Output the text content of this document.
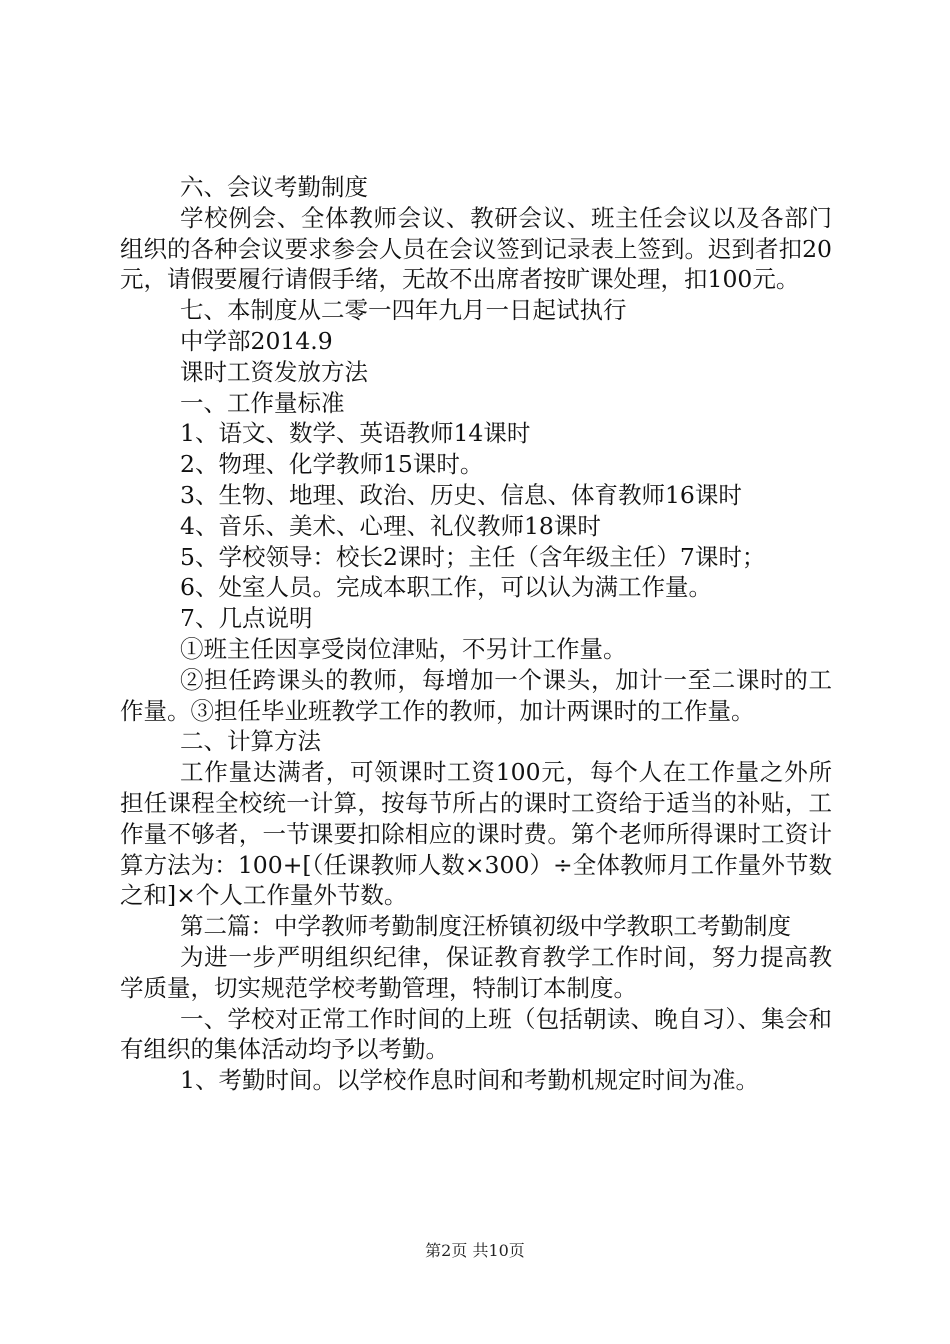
六、会议考勤制度

学校例会、全体教师会议、教研会议、班主任会议以及各部门组织的各种会议要求参会人员在会议签到记录表上签到。迟到者扣20元，请假要履行请假手绪，无故不出席者按旷课处理，扣100元。

七、本制度从二零一四年九月一日起试执行

中学部2014.9

课时工资发放方法

一、工作量标准

1、语文、数学、英语教师14课时

2、物理、化学教师15课时。

3、生物、地理、政治、历史、信息、体育教师16课时

4、音乐、美术、心理、礼仪教师18课时

5、学校领导：校长2课时；主任（含年级主任）7课时；

6、处室人员。完成本职工作，可以认为满工作量。

7、几点说明

①班主任因享受岗位津贴，不另计工作量。

②担任跨课头的教师，每增加一个课头，加计一至二课时的工作量。③担任毕业班教学工作的教师，加计两课时的工作量。

二、计算方法

工作量达满者，可领课时工资100元，每个人在工作量之外所担任课程全校统一计算，按每节所占的课时工资给于适当的补贴，工作量不够者，一节课要扣除相应的课时费。第个老师所得课时工资计算方法为：100+[（任课教师人数×300）÷全体教师月工作量外节数之和]×个人工作量外节数。

第二篇：中学教师考勤制度汪桥镇初级中学教职工考勤制度

为进一步严明组织纪律，保证教育教学工作时间，努力提高教学质量，切实规范学校考勤管理，特制订本制度。

一、学校对正常工作时间的上班（包括朝读、晚自习）、集会和有组织的集体活动均予以考勤。

1、考勤时间。以学校作息时间和考勤机规定时间为准。

第2页 共10页
